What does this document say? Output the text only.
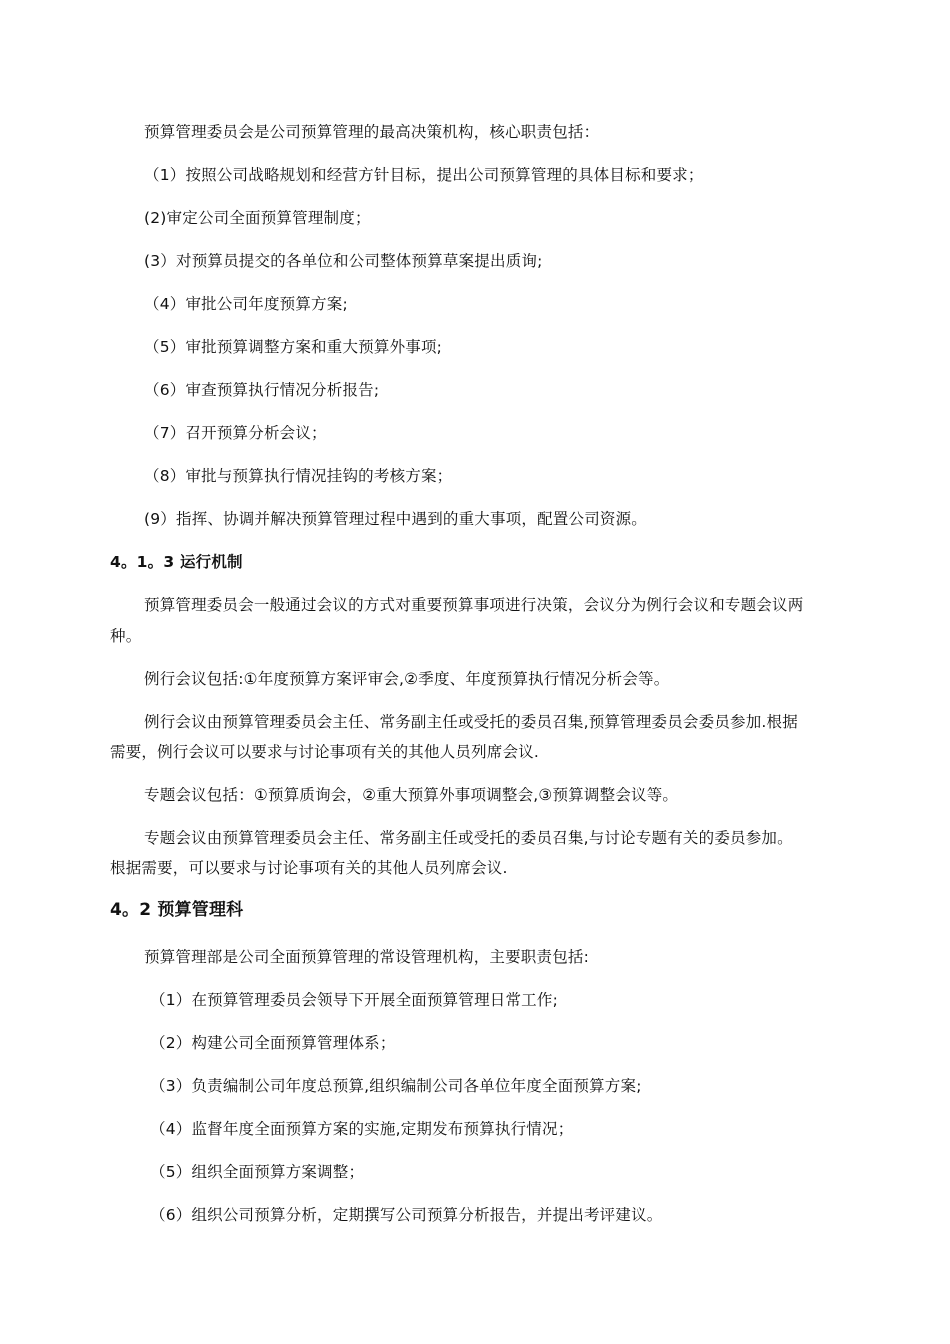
预算管理委员会是公司预算管理的最高决策机构，核心职责包括：

（1）按照公司战略规划和经营方针目标，提出公司预算管理的具体目标和要求；

(2)审定公司全面预算管理制度；

(3）对预算员提交的各单位和公司整体预算草案提出质询;

（4）审批公司年度预算方案;

（5）审批预算调整方案和重大预算外事项;

（6）审查预算执行情况分析报告;

（7）召开预算分析会议；

（8）审批与预算执行情况挂钩的考核方案；

(9）指挥、协调并解决预算管理过程中遇到的重大事项，配置公司资源。

4。1。3 运行机制

预算管理委员会一般通过会议的方式对重要预算事项进行决策，会议分为例行会议和专题会议两

种。

例行会议包括:①年度预算方案评审会,②季度、年度预算执行情况分析会等。

例行会议由预算管理委员会主任、常务副主任或受托的委员召集,预算管理委员会委员参加.根据

需要，例行会议可以要求与讨论事项有关的其他人员列席会议.

专题会议包括：①预算质询会，②重大预算外事项调整会,③预算调整会议等。

专题会议由预算管理委员会主任、常务副主任或受托的委员召集,与讨论专题有关的委员参加。

根据需要，可以要求与讨论事项有关的其他人员列席会议.

4。2 预算管理科

预算管理部是公司全面预算管理的常设管理机构，主要职责包括:

（1）在预算管理委员会领导下开展全面预算管理日常工作;

（2）构建公司全面预算管理体系；

（3）负责编制公司年度总预算,组织编制公司各单位年度全面预算方案;

（4）监督年度全面预算方案的实施,定期发布预算执行情况；

（5）组织全面预算方案调整；

（6）组织公司预算分析，定期撰写公司预算分析报告，并提出考评建议。
